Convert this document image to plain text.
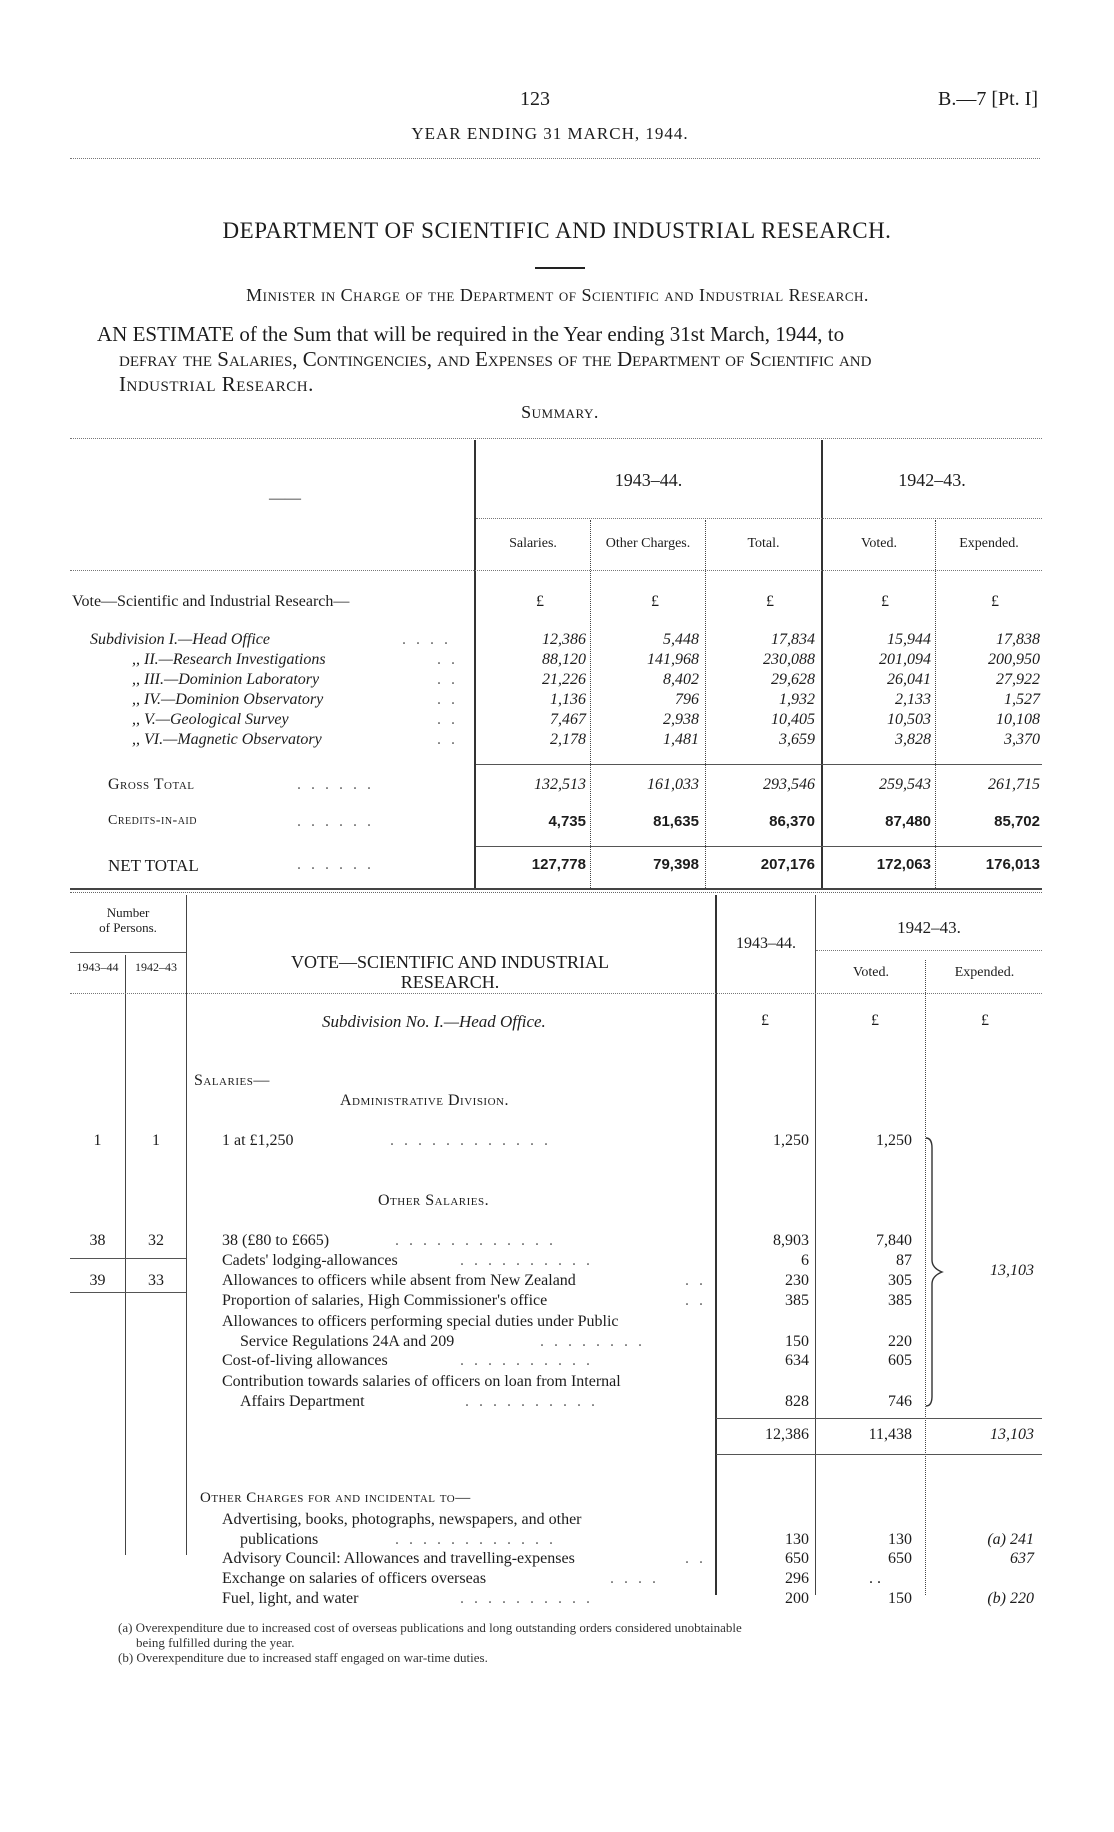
123	B.—7 [Pt. I]
YEAR ENDING 31 MARCH, 1944.
DEPARTMENT OF SCIENTIFIC AND INDUSTRIAL RESEARCH.
Minister in Charge of the Department of Scientific and Industrial Research.
AN ESTIMATE of the Sum that will be required in the Year ending 31st March, 1944, to
defray the Salaries, Contingencies, and Expenses of the Department of Scientific and
Industrial Research.
Summary.
——
1943–44.	1942–43.
Salaries.	Other Charges.	Total.	Voted.	Expended.
Vote—Scientific and Industrial Research—	£	£	£	£	£
Subdivision I.—Head Office	. . . .	12,386	5,448	17,834	15,944	17,838
,, II.—Research Investigations	. .	88,120	141,968	230,088	201,094	200,950
,, III.—Dominion Laboratory	. .	21,226	8,402	29,628	26,041	27,922
,, IV.—Dominion Observatory	. .	1,136	796	1,932	2,133	1,527
,, V.—Geological Survey	. .	7,467	2,938	10,405	10,503	10,108
,, VI.—Magnetic Observatory	. .	2,178	1,481	3,659	3,828	3,370
Gross Total	. . . . . .	132,513	161,033	293,546	259,543	261,715
Credits-in-aid	. . . . . .	4,735	81,635	86,370	87,480	85,702
NET TOTAL	. . . . . .	127,778	79,398	207,176	172,063	176,013
Number
of Persons.
1943–44	1942–43	VOTE—SCIENTIFIC AND INDUSTRIAL
RESEARCH.
1943–44.
1942–43.
Voted.	Expended.
Subdivision No. I.—Head Office.	£	£	£
Salaries—
Administrative Division.
1	1	1 at £1,250	. . . . . . . . . . . .	1,250	1,250
Other Salaries.
38	32	38 (£80 to £665)	. . . . . . . . . . . .	8,903	7,840
Cadets' lodging-allowances	. . . . . . . . . .	6	87
39	33	Allowances to officers while absent from New Zealand	. .	230	305
Proportion of salaries, High Commissioner's office	. .	385	385
Allowances to officers performing special duties under Public
Service Regulations 24A and 209	. . . . . . . .	150	220
Cost-of-living allowances	. . . . . . . . . .	634	605
Contribution towards salaries of officers on loan from Internal
Affairs Department	. . . . . . . . . .	828	746
13,103
12,386	11,438	13,103
Other Charges for and incidental to—
Advertising, books, photographs, newspapers, and other
publications	. . . . . . . . . . . .	130	130	(a) 241
Advisory Council: Allowances and travelling-expenses	. .	650	650	637
Exchange on salaries of officers overseas	. . . .	296	. .
Fuel, light, and water	. . . . . . . . . .	200	150	(b) 220
(a) Overexpenditure due to increased cost of overseas publications and long outstanding orders considered unobtainable
being fulfilled during the year.
(b) Overexpenditure due to increased staff engaged on war-time duties.
